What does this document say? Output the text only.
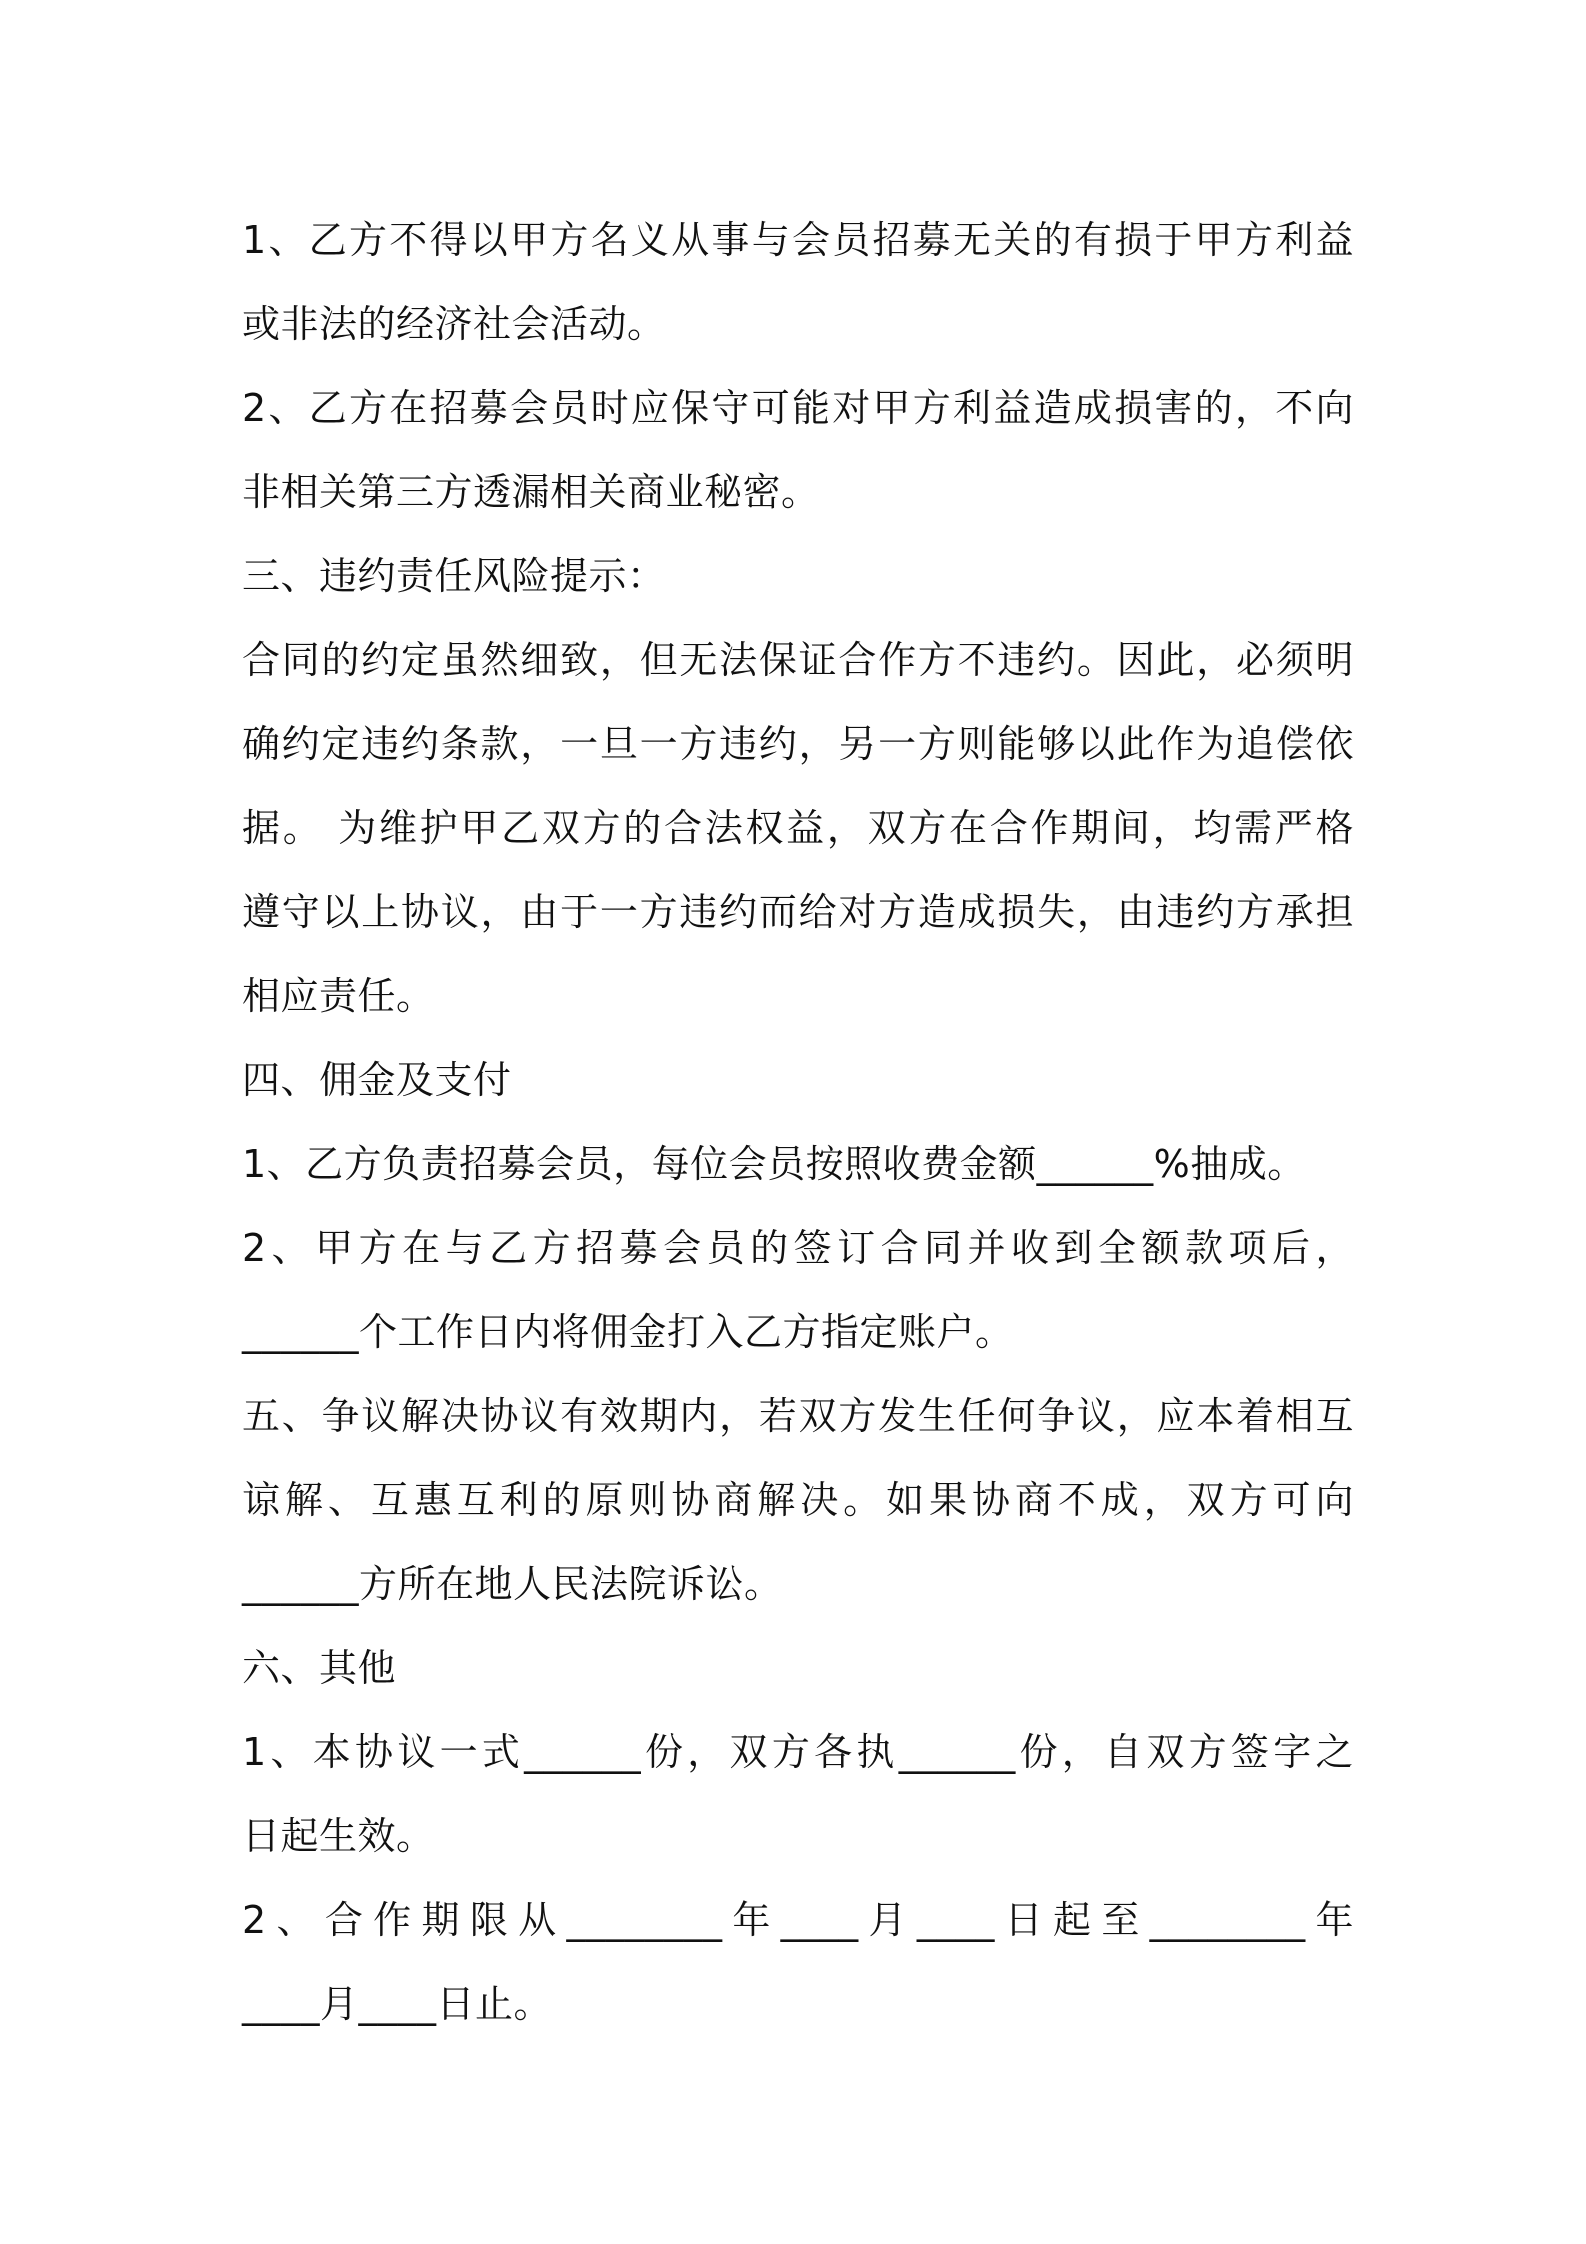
1、乙方不得以甲方名义从事与会员招募无关的有损于甲方利益
或非法的经济社会活动。
2、乙方在招募会员时应保守可能对甲方利益造成损害的，不向
非相关第三方透漏相关商业秘密。
三、违约责任风险提示：
合同的约定虽然细致，但无法保证合作方不违约。因此，必须明
确约定违约条款，一旦一方违约，另一方则能够以此作为追偿依
据。 为维护甲乙双方的合法权益，双方在合作期间，均需严格
遵守以上协议，由于一方违约而给对方造成损失，由违约方承担
相应责任。
四、佣金及支付
1、乙方负责招募会员，每位会员按照收费金额______%抽成。
2、甲方在与乙方招募会员的签订合同并收到全额款项后，
______个工作日内将佣金打入乙方指定账户。
五、争议解决协议有效期内，若双方发生任何争议，应本着相互
谅解、互惠互利的原则协商解决。如果协商不成，双方可向
______方所在地人民法院诉讼。
六、其他
1、本协议一式______份，双方各执______份，自双方签字之
日起生效。
2、合作期限从________年____月____日起至________年
____月____日止。
